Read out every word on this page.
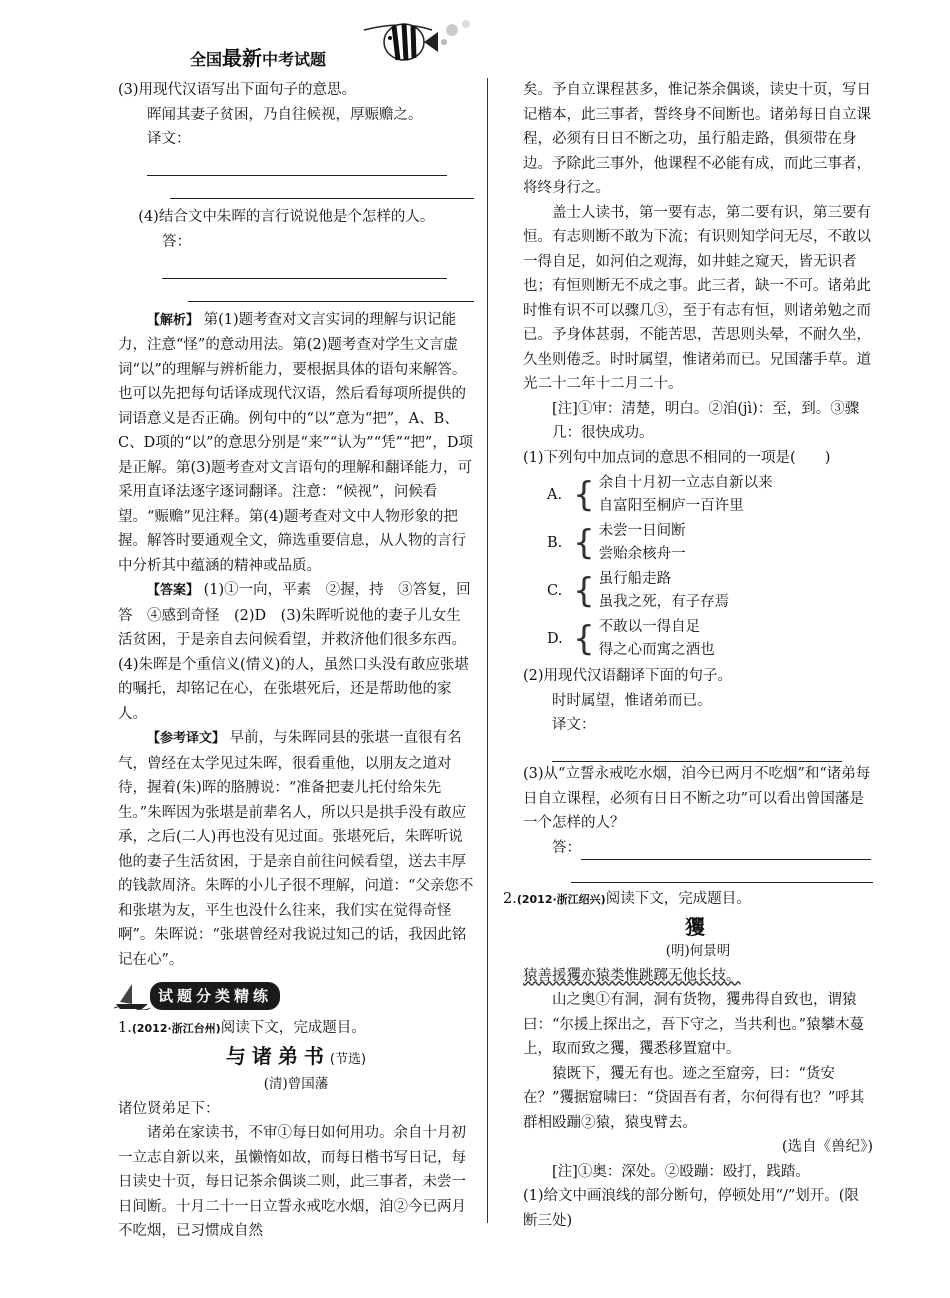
全国最新中考试题

(3)用现代汉语写出下面句子的意思。

晖闻其妻子贫困，乃自往候视，厚赈赡之。

译文：

(4)结合文中朱晖的言行说说他是个怎样的人。

答：

【解析】 第(1)题考查对文言实词的理解与识记能力，注意“怪”的意动用法。第(2)题考查对学生文言虚词“以”的理解与辨析能力，要根据具体的语句来解答。也可以先把每句话译成现代汉语，然后看每项所提供的词语意义是否正确。例句中的“以”意为“把”，A、B、C、D项的“以”的意思分别是“来”“认为”“凭”“把”，D项是正解。第(3)题考查对文言语句的理解和翻译能力，可采用直译法逐字逐词翻译。注意：“候视”，问候看望。“赈赡”见注释。第(4)题考查对文中人物形象的把握。解答时要通观全文，筛选重要信息，从人物的言行中分析其中蕴涵的精神或品质。

【答案】 (1)①一向，平素　②握，持　③答复，回答　④感到奇怪　(2)D　(3)朱晖听说他的妻子儿女生活贫困，于是亲自去问候看望，并救济他们很多东西。(4)朱晖是个重信义(情义)的人，虽然口头没有敢应张堪的嘱托，却铭记在心，在张堪死后，还是帮助他的家人。

【参考译文】 早前，与朱晖同县的张堪一直很有名气，曾经在太学见过朱晖，很看重他，以朋友之道对待，握着(朱)晖的胳膊说：“准备把妻儿托付给朱先生。”朱晖因为张堪是前辈名人，所以只是拱手没有敢应承，之后(二人)再也没有见过面。张堪死后，朱晖听说他的妻子生活贫困，于是亲自前往问候看望，送去丰厚的钱款周济。朱晖的小儿子很不理解，问道：“父亲您不和张堪为友，平生也没什么往来，我们实在觉得奇怪啊”。朱晖说：“张堪曾经对我说过知己的话，我因此铭记在心”。

试题分类精练

1.(2012·浙江台州)阅读下文，完成题目。

与诸弟书(节选)

(清)曾国藩

诸位贤弟足下：

诸弟在家读书，不审①每日如何用功。余自十月初一立志自新以来，虽懒惰如故，而每日楷书写日记，每日读史十页，每日记茶余偶谈二则，此三事者，未尝一日间断。十月二十一日立誓永戒吃水烟，洎②今已两月不吃烟，已习惯成自然

矣。予自立课程甚多，惟记茶余偶谈，读史十页，写日记楷本，此三事者，誓终身不间断也。诸弟每日自立课程，必须有日日不断之功，虽行船走路，俱须带在身边。予除此三事外，他课程不必能有成，而此三事者，将终身行之。

盖士人读书，第一要有志，第二要有识，第三要有恒。有志则断不敢为下流；有识则知学问无尽，不敢以一得自足，如河伯之观海，如井蛙之窥天，皆无识者也；有恒则断无不成之事。此三者，缺一不可。诸弟此时惟有识不可以骤几③，至于有志有恒，则诸弟勉之而已。予身体甚弱，不能苦思，苦思则头晕，不耐久坐，久坐则倦乏。时时属望，惟诸弟而已。兄国藩手草。道光二十二年十二月二十。

[注]①审：清楚，明白。②洎(jì)：至，到。③骤几：很快成功。

(1)下列句中加点词的意思不相同的一项是(　　)

A. { 余自十月初一立志自新以来

自富阳至桐庐一百许里

B. { 未尝一日间断

尝贻余核舟一

C. { 虽行船走路

虽我之死，有子存焉

D. { 不敢以一得自足

得之心而寓之酒也

(2)用现代汉语翻译下面的句子。

时时属望，惟诸弟而已。

译文：

(3)从“立誓永戒吃水烟，洎今已两月不吃烟”和“诸弟每日自立课程，必须有日日不断之功”可以看出曾国藩是一个怎样的人？

答：

2.(2012·浙江绍兴)阅读下文，完成题目。

玃

(明)何景明

猿善援玃亦猿类惟跳踯无他长技。

山之奥①有洞，洞有货物，玃弗得自致也，谓猿曰：“尔援上探出之，吾下守之，当共利也。”猿攀木蔓上，取而致之玃，玃悉移置窟中。

猿既下，玃无有也。迹之至窟旁，曰：“货安在？”玃据窟啸曰：“贷固吾有者，尔何得有也？”呼其群相殴蹦②猿，猿曳臂去。

(选自《兽纪》)

[注]①奥：深处。②殴蹦：殴打，践踏。

(1)给文中画浪线的部分断句，停顿处用“/”划开。(限断三处)
